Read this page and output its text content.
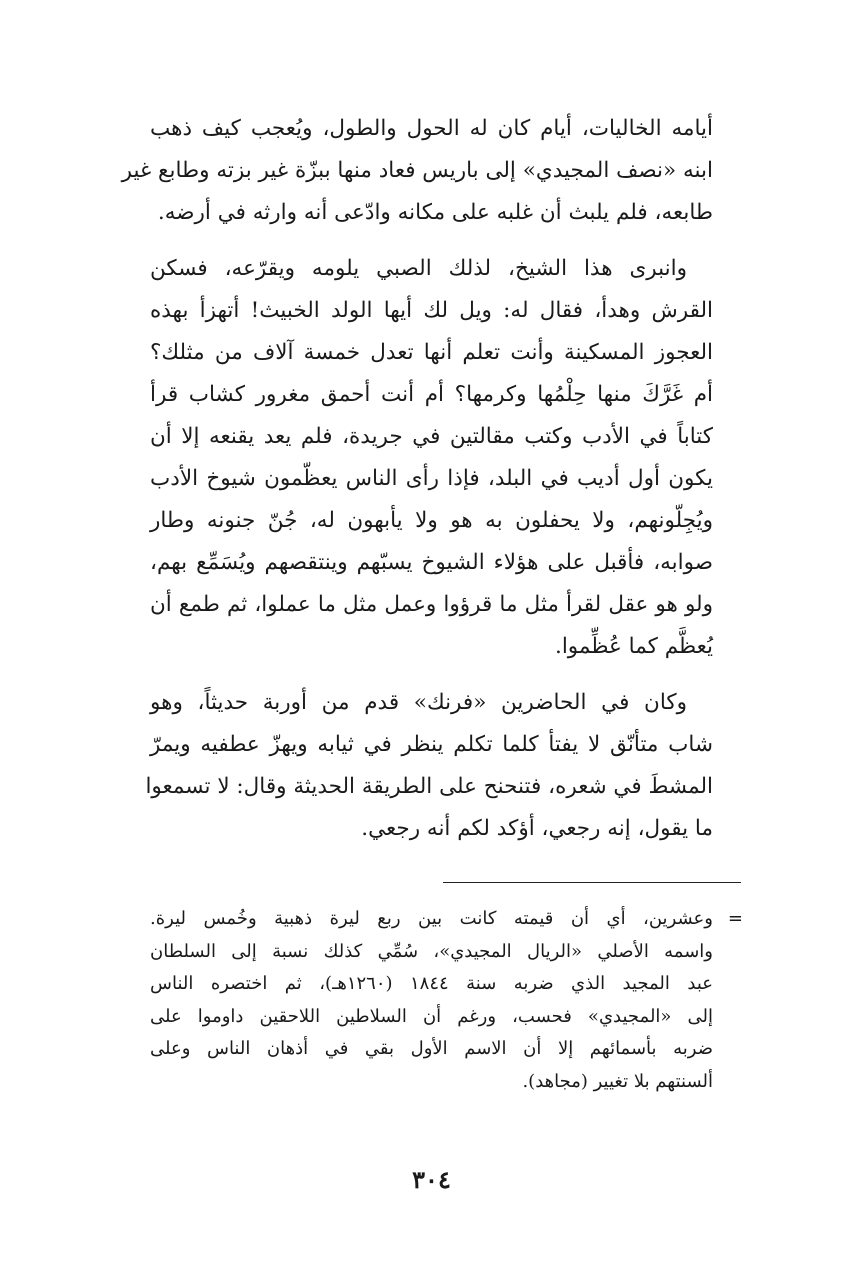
أيامه الخاليات، أيام كان له الحول والطول، ويُعجب كيف ذهب
ابنه «نصف المجيدي» إلى باريس فعاد منها ببزّة غير بزته وطابع غير
طابعه، فلم يلبث أن غلبه على مكانه وادّعى أنه وارثه في أرضه.

وانبرى هذا الشيخ، لذلك الصبي يلومه ويقرّعه، فسكن
القرش وهدأ، فقال له: ويل لك أيها الولد الخبيث! أتهزأ بهذه
العجوز المسكينة وأنت تعلم أنها تعدل خمسة آلاف من مثلك؟
أم غَرَّكَ منها حِلْمُها وكرمها؟ أم أنت أحمق مغرور كشاب قرأ
كتاباً في الأدب وكتب مقالتين في جريدة، فلم يعد يقنعه إلا أن
يكون أول أديب في البلد، فإذا رأى الناس يعظّمون شيوخ الأدب
ويُجِلّونهم، ولا يحفلون به هو ولا يأبهون له، جُنّ جنونه وطار
صوابه، فأقبل على هؤلاء الشيوخ يسبّهم وينتقصهم ويُسَمِّع بهم،
ولو هو عقل لقرأ مثل ما قرؤوا وعمل مثل ما عملوا، ثم طمع أن
يُعظَّم كما عُظِّموا.

وكان في الحاضرين «فرنك» قدم من أوربة حديثاً، وهو
شاب متأنّق لا يفتأ كلما تكلم ينظر في ثيابه ويهزّ عطفيه ويمرّ
المشطَ في شعره، فتنحنح على الطريقة الحديثة وقال: لا تسمعوا
ما يقول، إنه رجعي، أؤكد لكم أنه رجعي.

=
وعشرين، أي أن قيمته كانت بين ربع ليرة ذهبية وخُمس ليرة.
واسمه الأصلي «الريال المجيدي»، سُمِّي كذلك نسبة إلى السلطان
عبد المجيد الذي ضربه سنة ١٨٤٤ (١٢٦٠هـ)، ثم اختصره الناس
إلى «المجيدي» فحسب، ورغم أن السلاطين اللاحقين داوموا على
ضربه بأسمائهم إلا أن الاسم الأول بقي في أذهان الناس وعلى
ألسنتهم بلا تغيير (مجاهد).
٣٠٤
